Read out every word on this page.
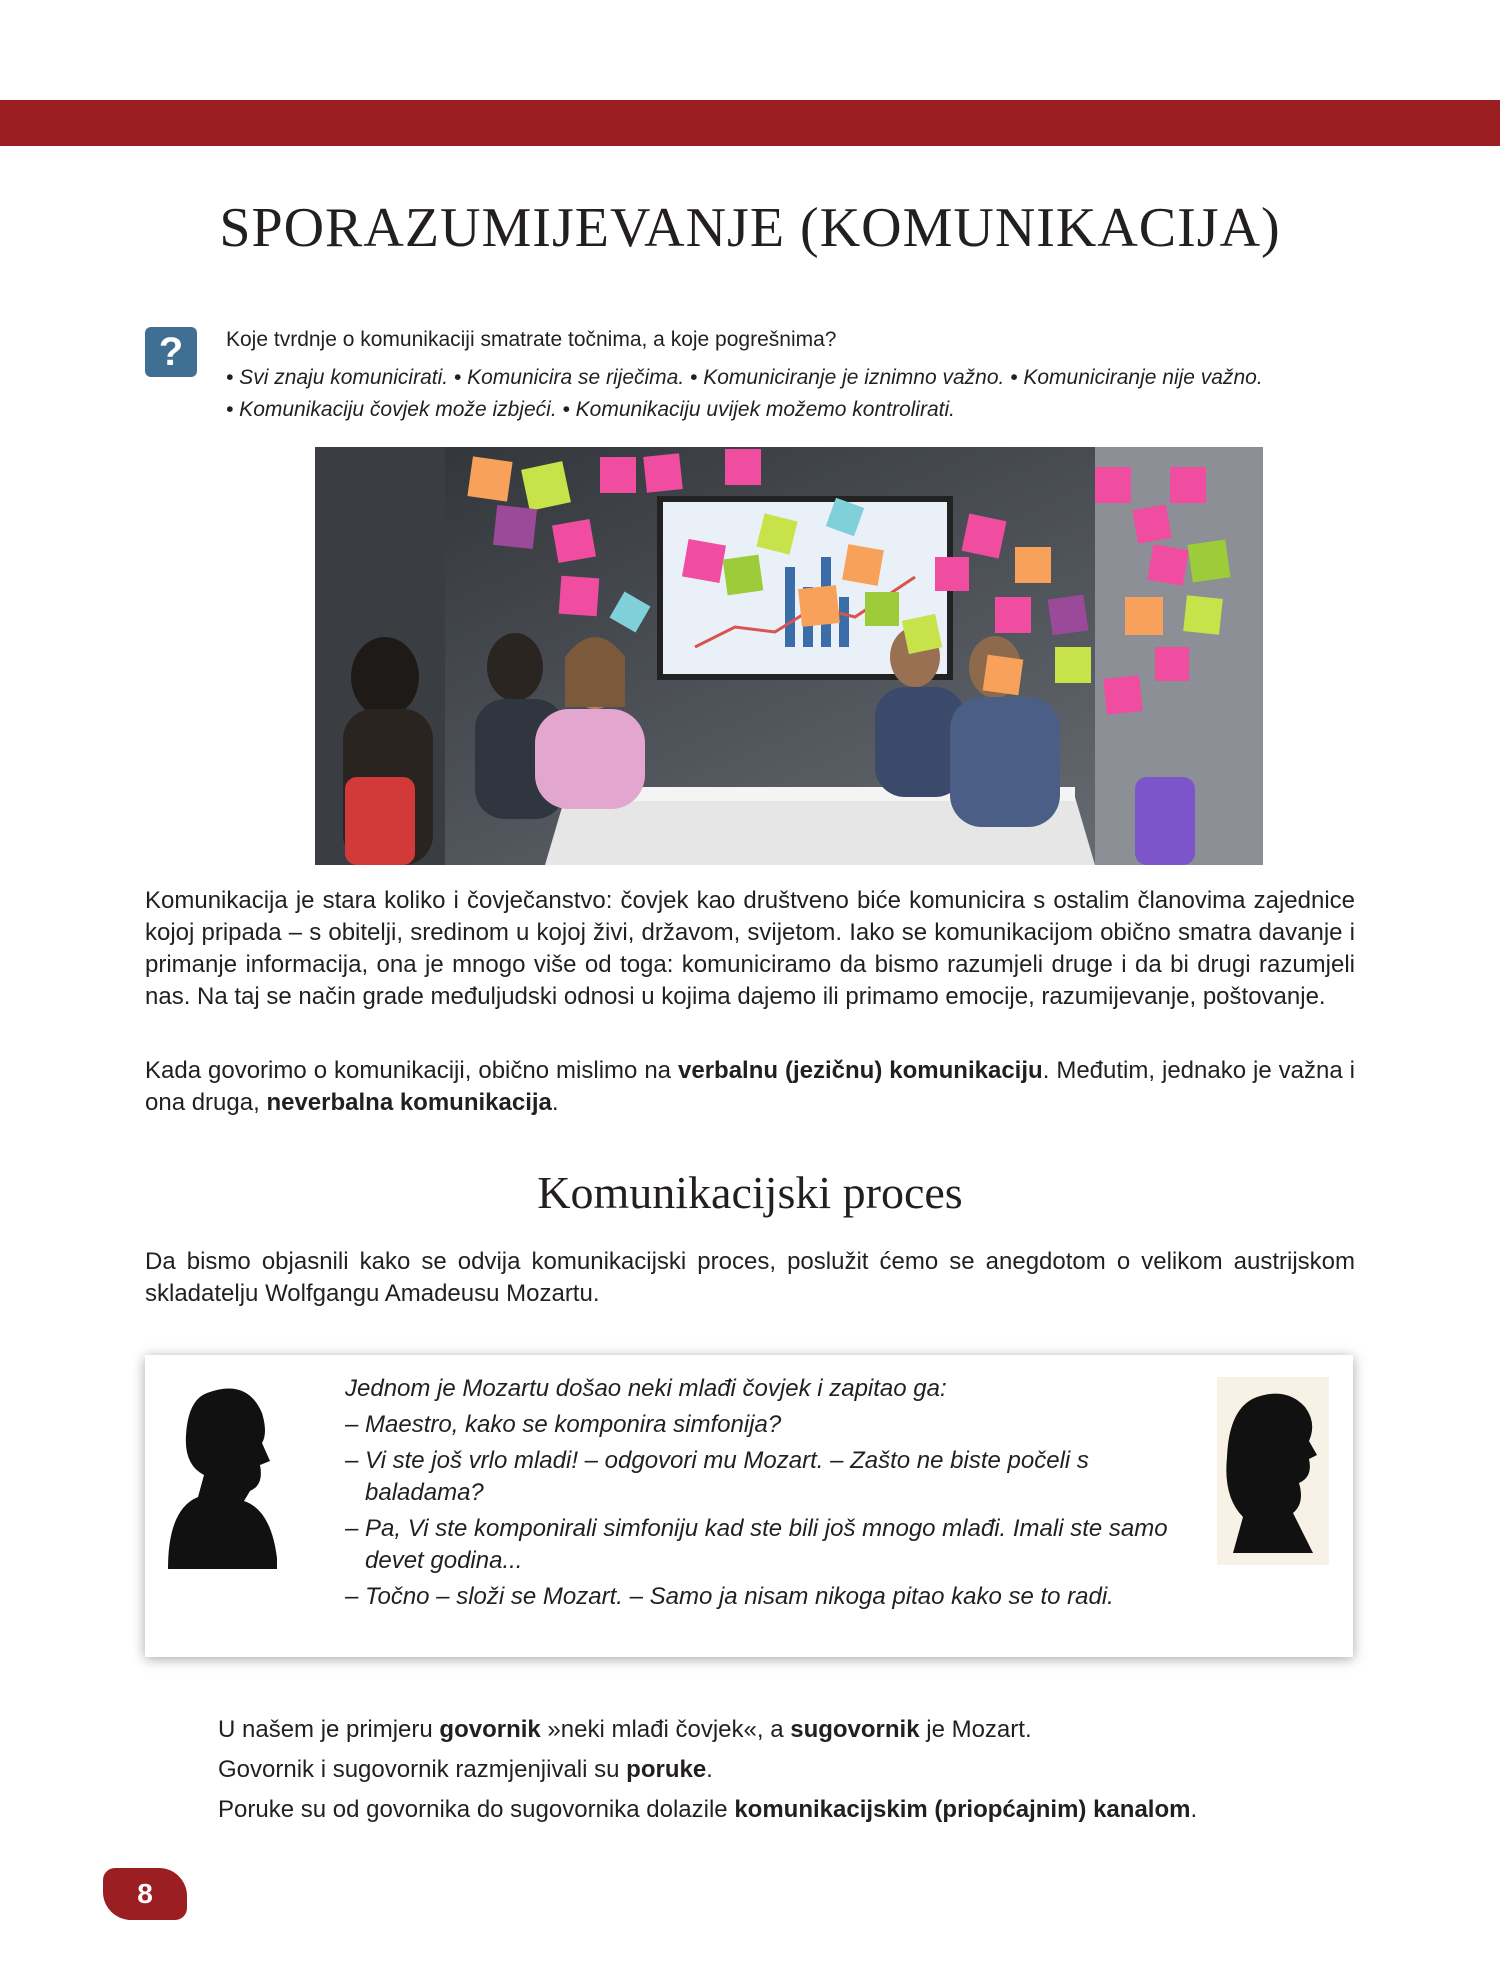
SPORAZUMIJEVANJE (KOMUNIKACIJA)
?	Koje tvrdnje o komunikaciji smatrate točnima, a koje pogrešnima?
• Svi znaju komunicirati. • Komunicira se riječima. • Komuniciranje je iznimno važno. • Komuniciranje nije važno.
• Komunikaciju čovjek može izbjeći. • Komunikaciju uvijek možemo kontrolirati.

Komunikacija je stara koliko i čovječanstvo: čovjek kao društveno biće komunicira s ostalim članovima zajednice kojoj pripada – s obitelji, sredinom u kojoj živi, državom, svijetom. Iako se komunikacijom obično smatra davanje i primanje informacija, ona je mnogo više od toga: komuniciramo da bismo razumjeli druge i da bi drugi razumjeli nas. Na taj se način grade međuljudski odnosi u kojima dajemo ili primamo emocije, razumijevanje, poštovanje.

Kada govorimo o komunikaciji, obično mislimo na verbalnu (jezičnu) komunikaciju. Međutim, jednako je važna i ona druga, neverbalna komunikacija.

Komunikacijski proces

Da bismo objasnili kako se odvija komunikacijski proces, poslužit ćemo se anegdotom o velikom austrijskom skladatelju Wolfgangu Amadeusu Mozartu.

Jednom je Mozartu došao neki mlađi čovjek i zapitao ga:

– Maestro, kako se komponira simfonija?

– Vi ste još vrlo mladi! – odgovori mu Mozart. – Zašto ne biste počeli s baladama?

– Pa, Vi ste komponirali simfoniju kad ste bili još mnogo mlađi. Imali ste samo devet godina...

– Točno – složi se Mozart. – Samo ja nisam nikoga pitao kako se to radi.

U našem je primjeru govornik »neki mlađi čovjek«, a sugovornik je Mozart.

Govornik i sugovornik razmjenjivali su poruke.

Poruke su od govornika do sugovornika dolazile komunikacijskim (priopćajnim) kanalom.

8
